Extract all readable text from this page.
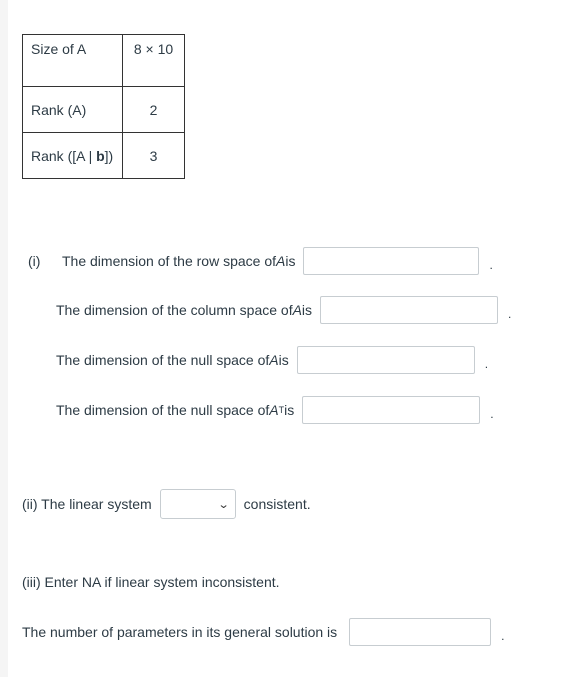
Size of A	8 × 10
Rank (A)	2
Rank ([A | b])	3
(i)	The dimension of the row space of A is	.
The dimension of the column space of A is	.
The dimension of the null space of A is	.
The dimension of the null space of A T is	.
(ii) The linear system	⌄ consistent.
(iii) Enter NA if linear system inconsistent.
The number of parameters in its general solution is	.
